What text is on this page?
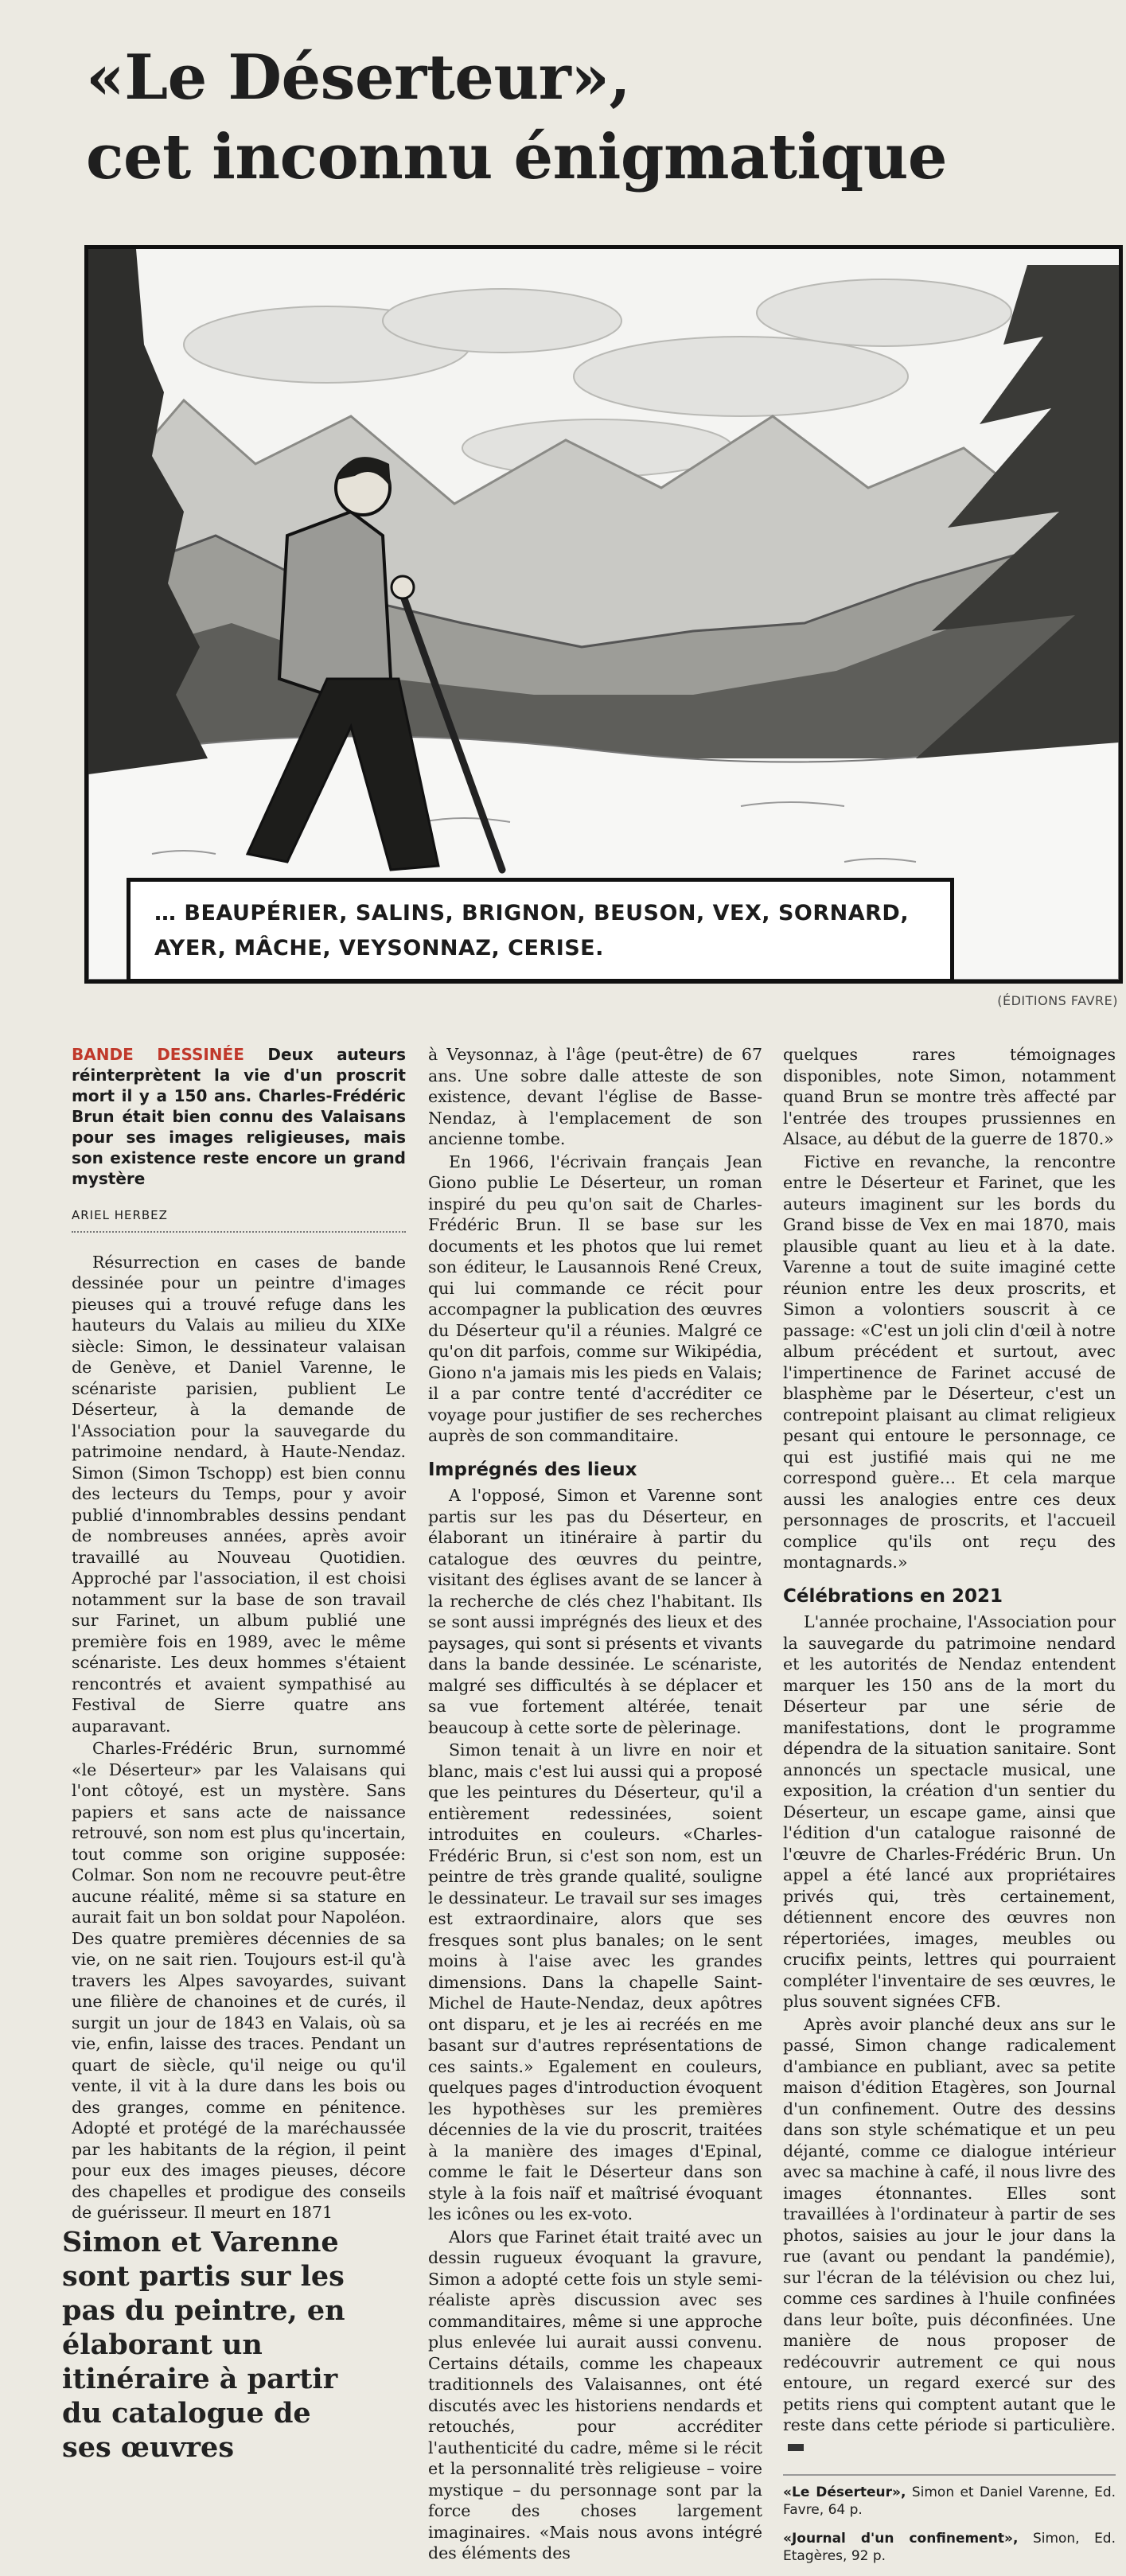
«Le Déserteur»,
cet inconnu énigmatique
… BEAUPÉRIER, SALINS, BRIGNON, BEUSON, VEX, SORNARD, AYER, MÂCHE, VEYSONNAZ, CERISE.
(ÉDITIONS FAVRE)
BANDE DESSINÉE Deux auteurs réinterprètent la vie d'un proscrit mort il y a 150 ans. Charles-Frédéric Brun était bien connu des Valaisans pour ses images religieuses, mais son existence reste encore un grand mystère
ARIEL HERBEZ

Résurrection en cases de bande dessinée pour un peintre d'images pieuses qui a trouvé refuge dans les hauteurs du Valais au milieu du XIXe siècle: Simon, le dessinateur valaisan de Genève, et Daniel Varenne, le scénariste parisien, publient Le Déserteur, à la demande de l'Association pour la sauvegarde du patrimoine nendard, à Haute-Nendaz. Simon (Simon Tschopp) est bien connu des lecteurs du Temps, pour y avoir publié d'innombrables dessins pendant de nombreuses années, après avoir travaillé au Nouveau Quotidien. Approché par l'association, il est choisi notamment sur la base de son travail sur Farinet, un album publié une première fois en 1989, avec le même scénariste. Les deux hommes s'étaient rencontrés et avaient sympathisé au Festival de Sierre quatre ans auparavant.

Charles-Frédéric Brun, surnommé «le Déserteur» par les Valaisans qui l'ont côtoyé, est un mystère. Sans papiers et sans acte de naissance retrouvé, son nom est plus qu'incertain, tout comme son origine supposée: Colmar. Son nom ne recouvre peut-être aucune réalité, même si sa stature en aurait fait un bon soldat pour Napoléon. Des quatre premières décennies de sa vie, on ne sait rien. Toujours est-il qu'à travers les Alpes savoyardes, suivant une filière de chanoines et de curés, il surgit un jour de 1843 en Valais, où sa vie, enfin, laisse des traces. Pendant un quart de siècle, qu'il neige ou qu'il vente, il vit à la dure dans les bois ou des granges, comme en pénitence. Adopté et protégé de la maréchaussée par les habitants de la région, il peint pour eux des images pieuses, décore des chapelles et prodigue des conseils de guérisseur. Il meurt en 1871

Simon et Varenne sont partis sur les pas du peintre, en élaborant un itinéraire à partir du catalogue de ses œuvres

à Veysonnaz, à l'âge (peut-être) de 67 ans. Une sobre dalle atteste de son existence, devant l'église de Basse-Nendaz, à l'emplacement de son ancienne tombe.

En 1966, l'écrivain français Jean Giono publie Le Déserteur, un roman inspiré du peu qu'on sait de Charles-Frédéric Brun. Il se base sur les documents et les photos que lui remet son éditeur, le Lausannois René Creux, qui lui commande ce récit pour accompagner la publication des œuvres du Déserteur qu'il a réunies. Malgré ce qu'on dit parfois, comme sur Wikipédia, Giono n'a jamais mis les pieds en Valais; il a par contre tenté d'accréditer ce voyage pour justifier de ses recherches auprès de son commanditaire.

Imprégnés des lieux

A l'opposé, Simon et Varenne sont partis sur les pas du Déserteur, en élaborant un itinéraire à partir du catalogue des œuvres du peintre, visitant des églises avant de se lancer à la recherche de clés chez l'habitant. Ils se sont aussi imprégnés des lieux et des paysages, qui sont si présents et vivants dans la bande dessinée. Le scénariste, malgré ses difficultés à se déplacer et sa vue fortement altérée, tenait beaucoup à cette sorte de pèlerinage.

Simon tenait à un livre en noir et blanc, mais c'est lui aussi qui a proposé que les peintures du Déserteur, qu'il a entièrement redessinées, soient introduites en couleurs. «Charles-Frédéric Brun, si c'est son nom, est un peintre de très grande qualité, souligne le dessinateur. Le travail sur ses images est extraordinaire, alors que ses fresques sont plus banales; on le sent moins à l'aise avec les grandes dimensions. Dans la chapelle Saint-Michel de Haute-Nendaz, deux apôtres ont disparu, et je les ai recréés en me basant sur d'autres représentations de ces saints.» Egalement en couleurs, quelques pages d'introduction évoquent les hypothèses sur les premières décennies de la vie du proscrit, traitées à la manière des images d'Epinal, comme le fait le Déserteur dans son style à la fois naïf et maîtrisé évoquant les icônes ou les ex-voto.

Alors que Farinet était traité avec un dessin rugueux évoquant la gravure, Simon a adopté cette fois un style semi-réaliste après discussion avec ses commanditaires, même si une approche plus enlevée lui aurait aussi convenu. Certains détails, comme les chapeaux traditionnels des Valaisannes, ont été discutés avec les historiens nendards et retouchés, pour accréditer l'authenticité du cadre, même si le récit et la personnalité très religieuse – voire mystique – du personnage sont par la force des choses largement imaginaires. «Mais nous avons intégré des éléments des

quelques rares témoignages disponibles, note Simon, notamment quand Brun se montre très affecté par l'entrée des troupes prussiennes en Alsace, au début de la guerre de 1870.»

Fictive en revanche, la rencontre entre le Déserteur et Farinet, que les auteurs imaginent sur les bords du Grand bisse de Vex en mai 1870, mais plausible quant au lieu et à la date. Varenne a tout de suite imaginé cette réunion entre les deux proscrits, et Simon a volontiers souscrit à ce passage: «C'est un joli clin d'œil à notre album précédent et surtout, avec l'impertinence de Farinet accusé de blasphème par le Déserteur, c'est un contrepoint plaisant au climat religieux pesant qui entoure le personnage, ce qui est justifié mais qui ne me correspond guère… Et cela marque aussi les analogies entre ces deux personnages de proscrits, et l'accueil complice qu'ils ont reçu des montagnards.»

Célébrations en 2021

L'année prochaine, l'Association pour la sauvegarde du patrimoine nendard et les autorités de Nendaz entendent marquer les 150 ans de la mort du Déserteur par une série de manifestations, dont le programme dépendra de la situation sanitaire. Sont annoncés un spectacle musical, une exposition, la création d'un sentier du Déserteur, un escape game, ainsi que l'édition d'un catalogue raisonné de l'œuvre de Charles-Frédéric Brun. Un appel a été lancé aux propriétaires privés qui, très certainement, détiennent encore des œuvres non répertoriées, images, meubles ou crucifix peints, lettres qui pourraient compléter l'inventaire de ses œuvres, le plus souvent signées CFB.

Après avoir planché deux ans sur le passé, Simon change radicalement d'ambiance en publiant, avec sa petite maison d'édition Etagères, son Journal d'un confinement. Outre des dessins dans son style schématique et un peu déjanté, comme ce dialogue intérieur avec sa machine à café, il nous livre des images étonnantes. Elles sont travaillées à l'ordinateur à partir de ses photos, saisies au jour le jour dans la rue (avant ou pendant la pandémie), sur l'écran de la télévision ou chez lui, comme ces sardines à l'huile confinées dans leur boîte, puis déconfinées. Une manière de nous proposer de redécouvrir autrement ce qui nous entoure, un regard exercé sur des petits riens qui comptent autant que le reste dans cette période si particulière.

«Le Déserteur», Simon et Daniel Varenne, Ed. Favre, 64 p.
«Journal d'un confinement», Simon, Ed. Etagères, 92 p.
